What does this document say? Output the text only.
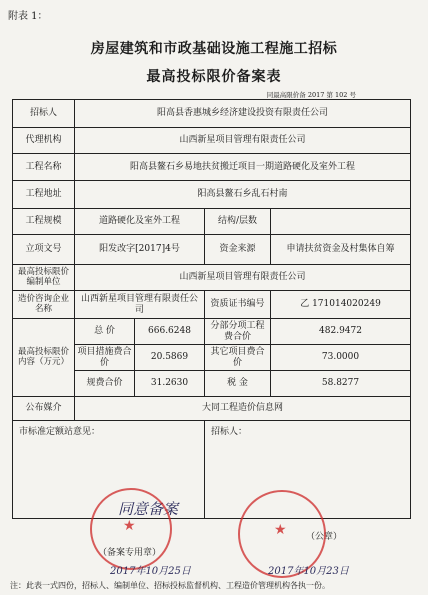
附表 1：
房屋建筑和市政基础设施工程施工招标
最高投标限价备案表
同最高限价备 2017 第 102 号
招标人	阳高县香惠城乡经济建设投资有限责任公司			
代理机构	山西新星项目管理有限责任公司			
工程名称	阳高县鳌石乡易地扶贫搬迁项目一期道路硬化及室外工程			
工程地址	阳高县鳌石乡乱石村南			
工程规模	道路硬化及室外工程		结构/层数	
立项文号	阳发改字[2017]4号		资金来源	申请扶贫资金及村集体自筹
最高投标限价编制单位	山西新星项目管理有限责任公司			
造价咨询企业名称	山西新星项目管理有限责任公司		资质证书编号	乙 171014020249
最高投标限价内容（万元）	总 价	666.6248	分部分项工程费合价	482.9472
	项目措施费合价	20.5869	其它项目费合价	73.0000
	规费合价	31.2630	税 金	58.8277
公布媒介	大同工程造价信息网			

市标准定额站意见：			招标人：	
同意备案
★
（备案专用章）
2017年10月25日
★ （公章）
2017年10月23日
注：此表一式四份，招标人、编制单位、招标投标监督机构、工程造价管理机构各执一份。
